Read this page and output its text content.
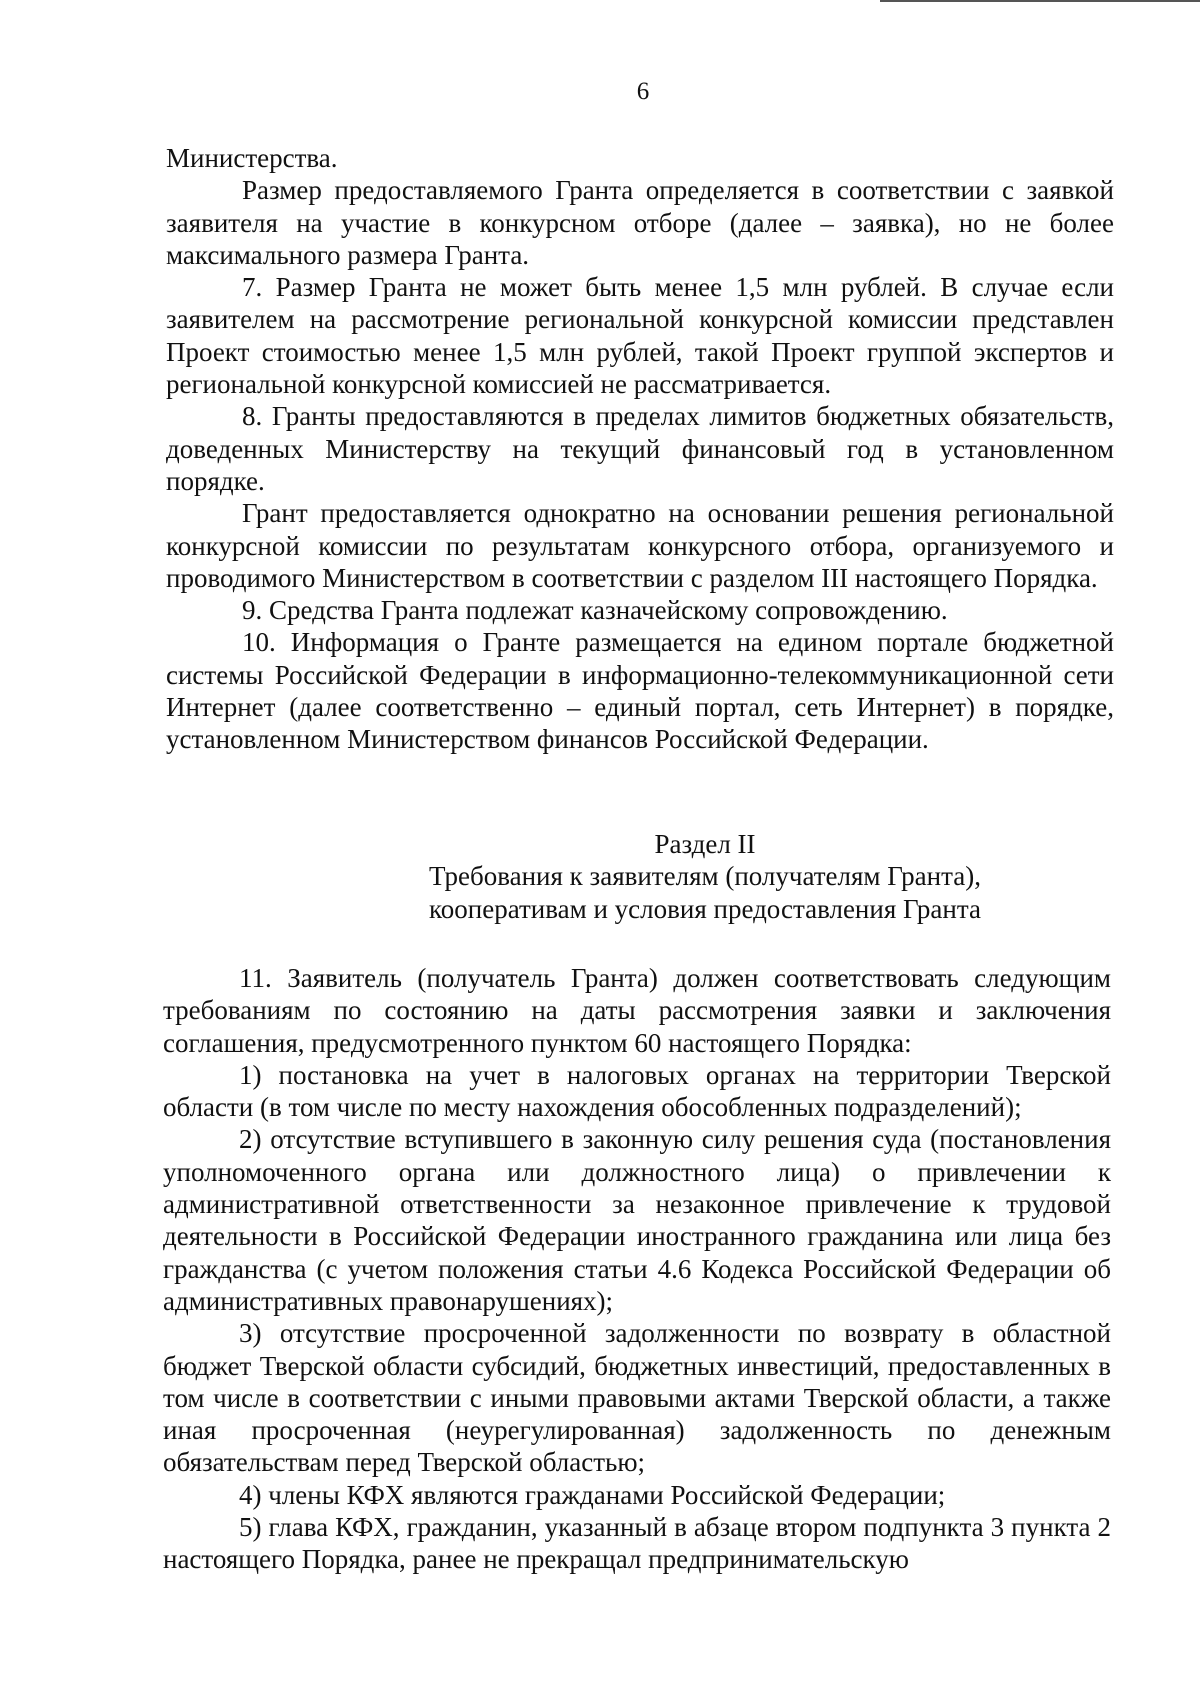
6

Министерства.

Размер предоставляемого Гранта определяется в соответствии с заявкой заявителя на участие в конкурсном отборе (далее – заявка), но не более максимального размера Гранта.

7. Размер Гранта не может быть менее 1,5 млн рублей. В случае если заявителем на рассмотрение региональной конкурсной комиссии представлен Проект стоимостью менее 1,5 млн рублей, такой Проект группой экспертов и региональной конкурсной комиссией не рассматривается.

8. Гранты предоставляются в пределах лимитов бюджетных обязательств, доведенных Министерству на текущий финансовый год в установленном порядке.

Грант предоставляется однократно на основании решения региональной конкурсной комиссии по результатам конкурсного отбора, организуемого и проводимого Министерством в соответствии с разделом III настоящего Порядка.

9. Средства Гранта подлежат казначейскому сопровождению.

10. Информация о Гранте размещается на едином портале бюджетной системы Российской Федерации в информационно-телекоммуникационной сети Интернет (далее соответственно – единый портал, сеть Интернет) в порядке, установленном Министерством финансов Российской Федерации.

Раздел II
Требования к заявителям (получателям Гранта),
кооперативам и условия предоставления Гранта

11. Заявитель (получатель Гранта) должен соответствовать следующим требованиям по состоянию на даты рассмотрения заявки и заключения соглашения, предусмотренного пунктом 60 настоящего Порядка:

1) постановка на учет в налоговых органах на территории Тверской области (в том числе по месту нахождения обособленных подразделений);

2) отсутствие вступившего в законную силу решения суда (постановления уполномоченного органа или должностного лица) о привлечении к административной ответственности за незаконное привлечение к трудовой деятельности в Российской Федерации иностранного гражданина или лица без гражданства (с учетом положения статьи 4.6 Кодекса Российской Федерации об административных правонарушениях);

3) отсутствие просроченной задолженности по возврату в областной бюджет Тверской области субсидий, бюджетных инвестиций, предоставленных в том числе в соответствии с иными правовыми актами Тверской области, а также иная просроченная (неурегулированная) задолженность по денежным обязательствам перед Тверской областью;

4) члены КФХ являются гражданами Российской Федерации;

5) глава КФХ, гражданин, указанный в абзаце втором подпункта 3 пункта 2 настоящего Порядка, ранее не прекращал предпринимательскую
